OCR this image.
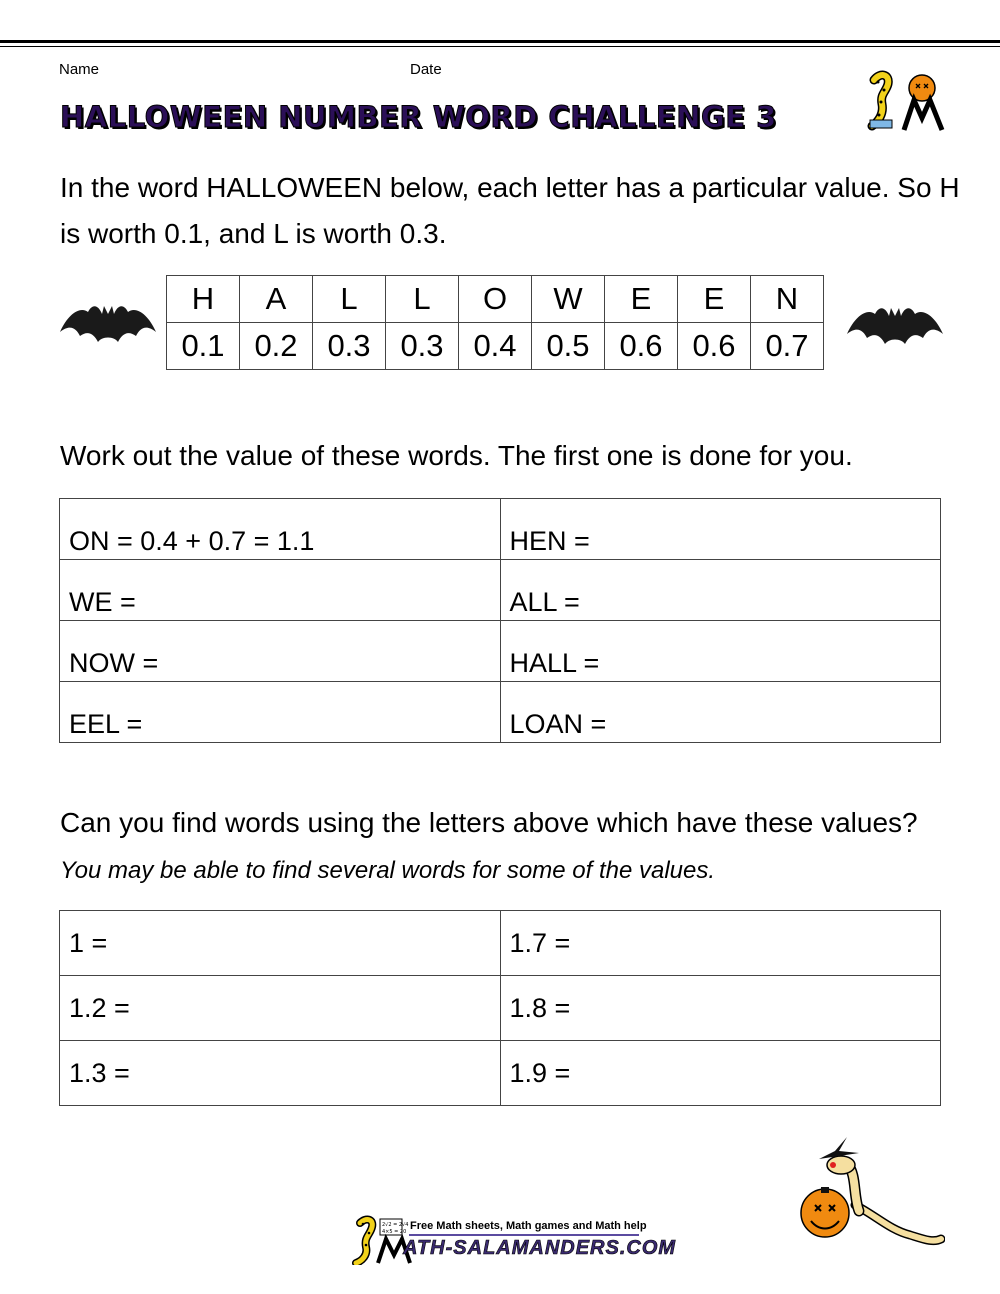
Name	Date
HALLOWEEN NUMBER WORD CHALLENGE 3
In the word HALLOWEEN below, each letter has a particular value. So H is worth 0.1, and L is worth 0.3.
H	A	L	L	O	W	E	E	N
0.1	0.2	0.3	0.3	0.4	0.5	0.6	0.6	0.7
Work out the value of these words. The first one is done for you.
ON = 0.4 + 0.7 = 1.1	HEN =
WE =	ALL =
NOW =	HALL =
EEL =	LOAN =
Can you find words using the letters above which have these values? You may be able to find several words for some of the values.
1 =	1.7 =
1.2 =	1.8 =
1.3 =	1.9 =
2√2 = 2√4
4×5 = 20 Free Math sheets, Math games and Math help
ATH-SALAMANDERS.COM
